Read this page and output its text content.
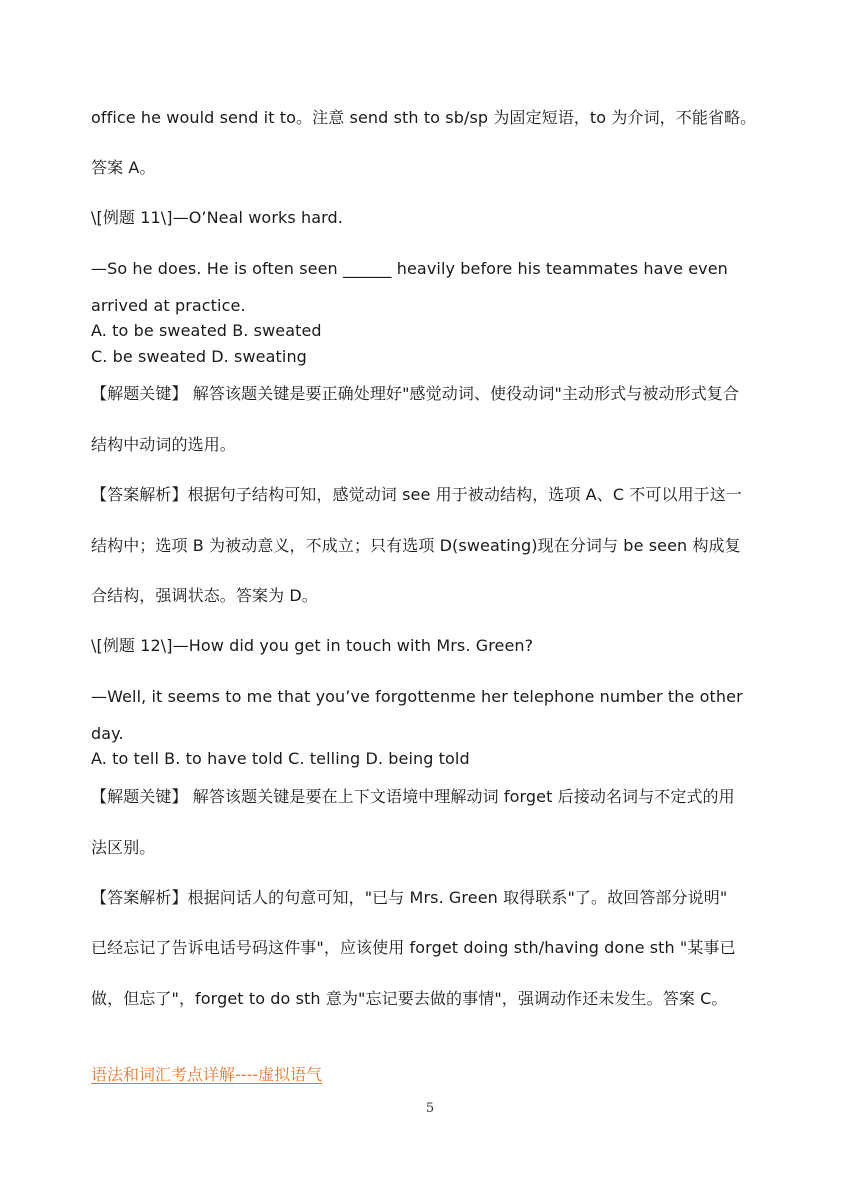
office he would send it to。注意 send sth to sb/sp 为固定短语，to 为介词，不能省略。
答案 A。
\[例题 11\]—O’Neal works hard.
—So he does. He is often seen ______ heavily before his teammates have even
arrived at practice.
A. to be sweated B. sweated
C. be sweated D. sweating
【解题关键】 解答该题关键是要正确处理好"感觉动词、使役动词"主动形式与被动形式复合
结构中动词的选用。
【答案解析】根据句子结构可知，感觉动词 see 用于被动结构，选项 A、C 不可以用于这一
结构中；选项 B 为被动意义，不成立；只有选项 D(sweating)现在分词与 be seen 构成复
合结构，强调状态。答案为 D。
\[例题 12\]—How did you get in touch with Mrs. Green?
—Well, it seems to me that you’ve forgottenme her telephone number the other
day.
A. to tell B. to have told C. telling D. being told
【解题关键】 解答该题关键是要在上下文语境中理解动词 forget 后接动名词与不定式的用
法区别。
【答案解析】根据问话人的句意可知，"已与 Mrs. Green 取得联系"了。故回答部分说明"
已经忘记了告诉电话号码这件事"，应该使用 forget doing sth/having done sth "某事已
做，但忘了"，forget to do sth 意为"忘记要去做的事情"，强调动作还未发生。答案 C。
语法和词汇考点详解----虚拟语气
5
